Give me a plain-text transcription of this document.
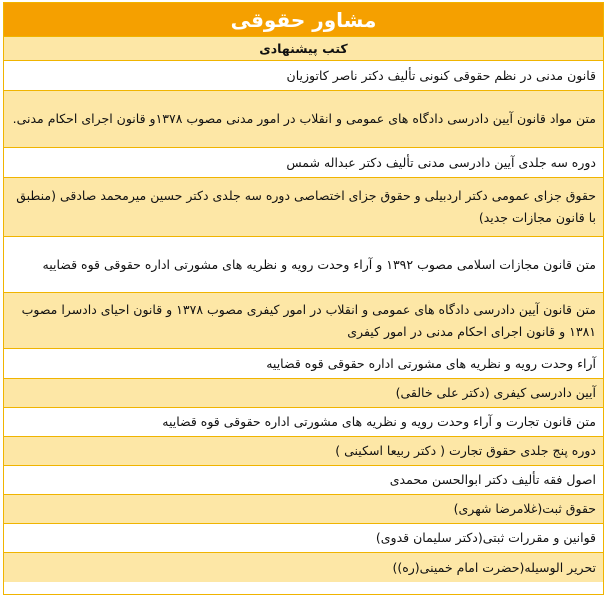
مشاور حقوقی
کتب پیشنهادی
قانون مدنی در نظم حقوقی کنونی تألیف دکتر ناصر کاتوزیان
متن مواد قانون آیین دادرسی دادگاه های عمومی و انقلاب در امور مدنی مصوب ۱۳۷۸و قانون اجرای احکام مدنی.
دوره سه جلدی آیین دادرسی مدنی تألیف دکتر عبداله شمس
حقوق جزای عمومی دکتر اردبیلی و حقوق جزای اختصاصی دوره سه جلدی دکتر حسین میرمحمد صادقی (منطبق با قانون مجازات جدید)
متن قانون مجازات اسلامی مصوب ۱۳۹۲ و آراء وحدت رویه و نظریه های مشورتی اداره حقوقی قوه قضاییه
متن قانون آیین دادرسی دادگاه های عمومی و انقلاب در امور کیفری مصوب ۱۳۷۸ و قانون احیای دادسرا مصوب ۱۳۸۱ و قانون اجرای احکام مدنی در امور کیفری
آراء وحدت رویه و نظریه های مشورتی اداره حقوقی قوه قضاییه
آیین دادرسی کیفری (دکتر علی خالقی)
متن قانون تجارت و آراء وحدت رویه و نظریه های مشورتی اداره حقوقی قوه قضاییه
دوره پنج جلدی حقوق تجارت ( دکتر ربیعا اسکینی )
اصول فقه تألیف دکتر ابوالحسن محمدی
حقوق ثبت(غلامرضا شهری)
قوانین و مقررات ثبتی(دکتر سلیمان قدوی)
تحریر الوسیله(حضرت امام خمینی(ره))
